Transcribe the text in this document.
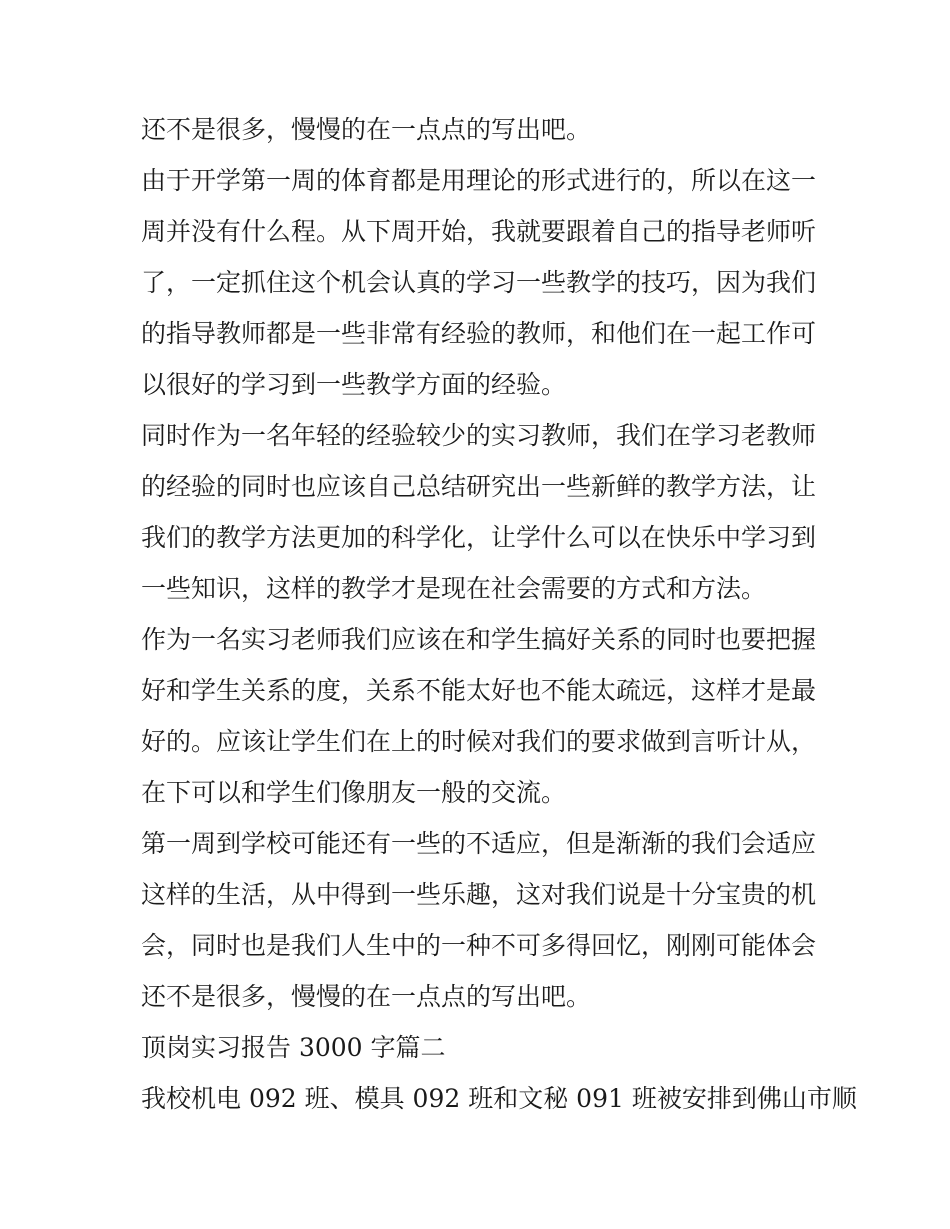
还不是很多，慢慢的在一点点的写出吧。
由于开学第一周的体育都是用理论的形式进行的，所以在这一
周并没有什么程。从下周开始，我就要跟着自己的指导老师听
了，一定抓住这个机会认真的学习一些教学的技巧，因为我们
的指导教师都是一些非常有经验的教师，和他们在一起工作可
以很好的学习到一些教学方面的经验。
同时作为一名年轻的经验较少的实习教师，我们在学习老教师
的经验的同时也应该自己总结研究出一些新鲜的教学方法，让
我们的教学方法更加的科学化，让学什么可以在快乐中学习到
一些知识，这样的教学才是现在社会需要的方式和方法。
作为一名实习老师我们应该在和学生搞好关系的同时也要把握
好和学生关系的度，关系不能太好也不能太疏远，这样才是最
好的。应该让学生们在上的时候对我们的要求做到言听计从，
在下可以和学生们像朋友一般的交流。
第一周到学校可能还有一些的不适应，但是渐渐的我们会适应
这样的生活，从中得到一些乐趣，这对我们说是十分宝贵的机
会，同时也是我们人生中的一种不可多得回忆，刚刚可能体会
还不是很多，慢慢的在一点点的写出吧。
顶岗实习报告 3000 字篇二
我校机电 092 班、模具 092 班和文秘 091 班被安排到佛山市顺
